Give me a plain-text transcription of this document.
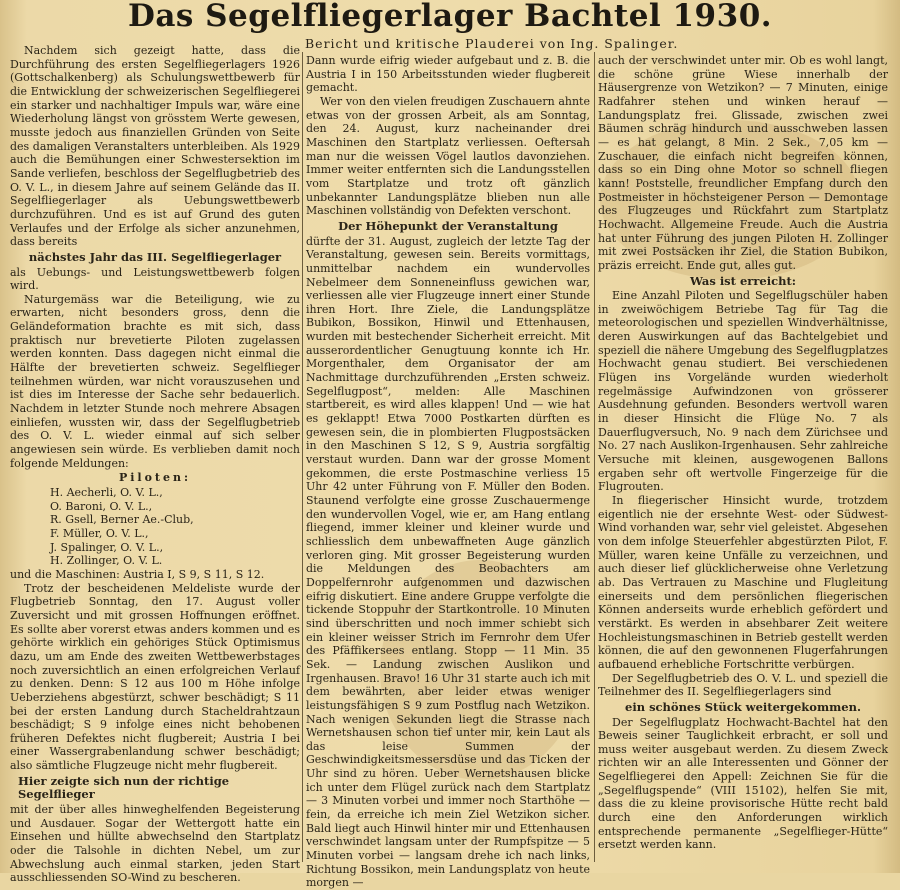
Das Segelfliegerlager Bachtel 1930.
Bericht und kritische Plauderei von Ing. Spalinger.

Nachdem sich gezeigt hatte, dass die Durchführung des ersten Segelfliegerlagers 1926 (Gottschalkenberg) als Schulungswettbewerb für die Entwicklung der schweizerischen Segelfliegerei ein starker und nachhaltiger Impuls war, wäre eine Wiederholung längst von grösstem Werte gewesen, musste jedoch aus finanziellen Gründen von Seite des damaligen Veranstalters unterbleiben. Als 1929 auch die Bemühungen einer Schwestersektion im Sande verliefen, beschloss der Segelflugbetrieb des O. V. L., in diesem Jahre auf seinem Gelände das II. Segelfliegerlager als Uebungswettbewerb durchzuführen. Und es ist auf Grund des guten Verlaufes und der Erfolge als sicher anzunehmen, dass bereits

nächstes Jahr das III. Segelfliegerlager

als Uebungs- und Leistungswettbewerb folgen wird.

Naturgemäss war die Beteiligung, wie zu erwarten, nicht besonders gross, denn die Geländeformation brachte es mit sich, dass praktisch nur brevetierte Piloten zugelassen werden konnten. Dass dagegen nicht einmal die Hälfte der brevetierten schweiz. Segelflieger teilnehmen würden, war nicht vorauszusehen und ist dies im Interesse der Sache sehr bedauerlich. Nachdem in letzter Stunde noch mehrere Absagen einliefen, wussten wir, dass der Segelflugbetrieb des O. V. L. wieder einmal auf sich selber angewiesen sein würde. Es verblieben damit noch folgende Meldungen:

Piloten:
H. Aecherli, O. V. L.,
O. Baroni, O. V. L.,
R. Gsell, Berner Ae.-Club,
F. Müller, O. V. L.,
J. Spalinger, O. V. L.,
H. Zollinger, O. V. L.

und die Maschinen: Austria I, S 9, S 11, S 12.

Trotz der bescheidenen Meldeliste wurde der Flugbetrieb Sonntag, den 17. August voller Zuversicht und mit grossen Hoffnungen eröffnet. Es sollte aber vorerst etwas anders kommen und es gehörte wirklich ein gehöriges Stück Optimismus dazu, um am Ende des zweiten Wettbewerbstages noch zuversichtlich an einen erfolgreichen Verlauf zu denken. Denn: S 12 aus 100 m Höhe infolge Ueberziehens abgestürzt, schwer beschädigt; S 11 bei der ersten Landung durch Stacheldrahtzaun beschädigt; S 9 infolge eines nicht behobenen früheren Defektes nicht flugbereit; Austria I bei einer Wassergrabenlandung schwer beschädigt; also sämtliche Flugzeuge nicht mehr flugbereit.

Hier zeigte sich nun der richtige Segelflieger

mit der über alles hinweghelfenden Begeisterung und Ausdauer. Sogar der Wettergott hatte ein Einsehen und hüllte abwechselnd den Startplatz oder die Talsohle in dichten Nebel, um zur Abwechslung auch einmal starken, jeden Start ausschliessenden SO-Wind zu bescheren.

Dann wurde eifrig wieder aufgebaut und z. B. die Austria I in 150 Arbeitsstunden wieder flugbereit gemacht.

Wer von den vielen freudigen Zuschauern ahnte etwas von der grossen Arbeit, als am Sonntag, den 24. August, kurz nacheinander drei Maschinen den Startplatz verliessen. Oeftersah man nur die weissen Vögel lautlos davonziehen. Immer weiter entfernten sich die Landungsstellen vom Startplatze und trotz oft gänzlich unbekannter Landungsplätze blieben nun alle Maschinen vollständig von Defekten verschont.

Der Höhepunkt der Veranstaltung

dürfte der 31. August, zugleich der letzte Tag der Veranstaltung, gewesen sein. Bereits vormittags, unmittelbar nachdem ein wundervolles Nebelmeer dem Sonneneinfluss gewichen war, verliessen alle vier Flugzeuge innert einer Stunde ihren Hort. Ihre Ziele, die Landungsplätze Bubikon, Bossikon, Hinwil und Ettenhausen, wurden mit bestechender Sicherheit erreicht. Mit ausserordentlicher Genugtuung konnte ich Hr. Morgenthaler, dem Organisator der am Nachmittage durchzuführenden „Ersten schweiz. Segelflugpost“, melden: Alle Maschinen startbereit, es wird alles klappen! Und — wie hat es geklappt! Etwa 7000 Postkarten dürften es gewesen sein, die in plombierten Flugpostsäcken in den Maschinen S 12, S 9, Austria sorgfältig verstaut wurden. Dann war der grosse Moment gekommen, die erste Postmaschine verliess 15 Uhr 42 unter Führung von F. Müller den Boden. Staunend verfolgte eine grosse Zuschauermenge den wundervollen Vogel, wie er, am Hang entlang fliegend, immer kleiner und kleiner wurde und schliesslich dem unbewaffneten Auge gänzlich verloren ging. Mit grosser Begeisterung wurden die Meldungen des Beobachters am Doppelfernrohr aufgenommen und dazwischen eifrig diskutiert. Eine andere Gruppe verfolgte die tickende Stoppuhr der Startkontrolle. 10 Minuten sind überschritten und noch immer schiebt sich ein kleiner weisser Strich im Fernrohr dem Ufer des Pfäffikersees entlang. Stopp — 11 Min. 35 Sek. — Landung zwischen Auslikon und Irgenhausen. Bravo! 16 Uhr 31 starte auch ich mit dem bewährten, aber leider etwas weniger leistungsfähigen S 9 zum Postflug nach Wetzikon. Nach wenigen Sekunden liegt die Strasse nach Wernetshausen schon tief unter mir, kein Laut als das leise Summen der Geschwindigkeitsmessersdüse und das Ticken der Uhr sind zu hören. Ueber Wernetshausen blicke ich unter dem Flügel zurück nach dem Startplatz — 3 Minuten vorbei und immer noch Starthöhe — fein, da erreiche ich mein Ziel Wetzikon sicher. Bald liegt auch Hinwil hinter mir und Ettenhausen verschwindet langsam unter der Rumpfspitze — 5 Minuten vorbei — langsam drehe ich nach links, Richtung Bossikon, mein Landungsplatz von heute morgen —

auch der verschwindet unter mir. Ob es wohl langt, die schöne grüne Wiese innerhalb der Häusergrenze von Wetzikon? — 7 Minuten, einige Radfahrer stehen und winken herauf — Landungsplatz frei. Glissade, zwischen zwei Bäumen schräg hindurch und ausschweben lassen — es hat gelangt, 8 Min. 2 Sek., 7,05 km — Zuschauer, die einfach nicht begreifen können, dass so ein Ding ohne Motor so schnell fliegen kann! Poststelle, freundlicher Empfang durch den Postmeister in höchsteigener Person — Demontage des Flugzeuges und Rückfahrt zum Startplatz Hochwacht. Allgemeine Freude. Auch die Austria hat unter Führung des jungen Piloten H. Zollinger mit zwei Postsäcken ihr Ziel, die Station Bubikon, präzis erreicht. Ende gut, alles gut.

Was ist erreicht:

Eine Anzahl Piloten und Segelflugschüler haben in zweiwöchigem Betriebe Tag für Tag die meteorologischen und speziellen Windverhältnisse, deren Auswirkungen auf das Bachtelgebiet und speziell die nähere Umgebung des Segelflugplatzes Hochwacht genau studiert. Bei verschiedenen Flügen ins Vorgelände wurden wiederholt regelmässige Aufwindzonen von grösserer Ausdehnung gefunden. Besonders wertvoll waren in dieser Hinsicht die Flüge No. 7 als Dauerflugversuch, No. 9 nach dem Zürichsee und No. 27 nach Auslikon-Irgenhausen. Sehr zahlreiche Versuche mit kleinen, ausgewogenen Ballons ergaben sehr oft wertvolle Fingerzeige für die Flugrouten.

In fliegerischer Hinsicht wurde, trotzdem eigentlich nie der ersehnte West- oder Südwest-Wind vorhanden war, sehr viel geleistet. Abgesehen von dem infolge Steuerfehler abgestürzten Pilot, F. Müller, waren keine Unfälle zu verzeichnen, und auch dieser lief glücklicherweise ohne Verletzung ab. Das Vertrauen zu Maschine und Flugleitung einerseits und dem persönlichen fliegerischen Können anderseits wurde erheblich gefördert und verstärkt. Es werden in absehbarer Zeit weitere Hochleistungsmaschinen in Betrieb gestellt werden können, die auf den gewonnenen Flugerfahrungen aufbauend erhebliche Fortschritte verbürgen.

Der Segelflugbetrieb des O. V. L. und speziell die Teilnehmer des II. Segelfliegerlagers sind

ein schönes Stück weitergekommen.

Der Segelflugplatz Hochwacht-Bachtel hat den Beweis seiner Tauglichkeit erbracht, er soll und muss weiter ausgebaut werden. Zu diesem Zweck richten wir an alle Interessenten und Gönner der Segelfliegerei den Appell: Zeichnen Sie für die „Segelflugspende“ (VIII 15102), helfen Sie mit, dass die zu kleine provisorische Hütte recht bald durch eine den Anforderungen wirklich entsprechende permanente „Segelflieger-Hütte“ ersetzt werden kann.
